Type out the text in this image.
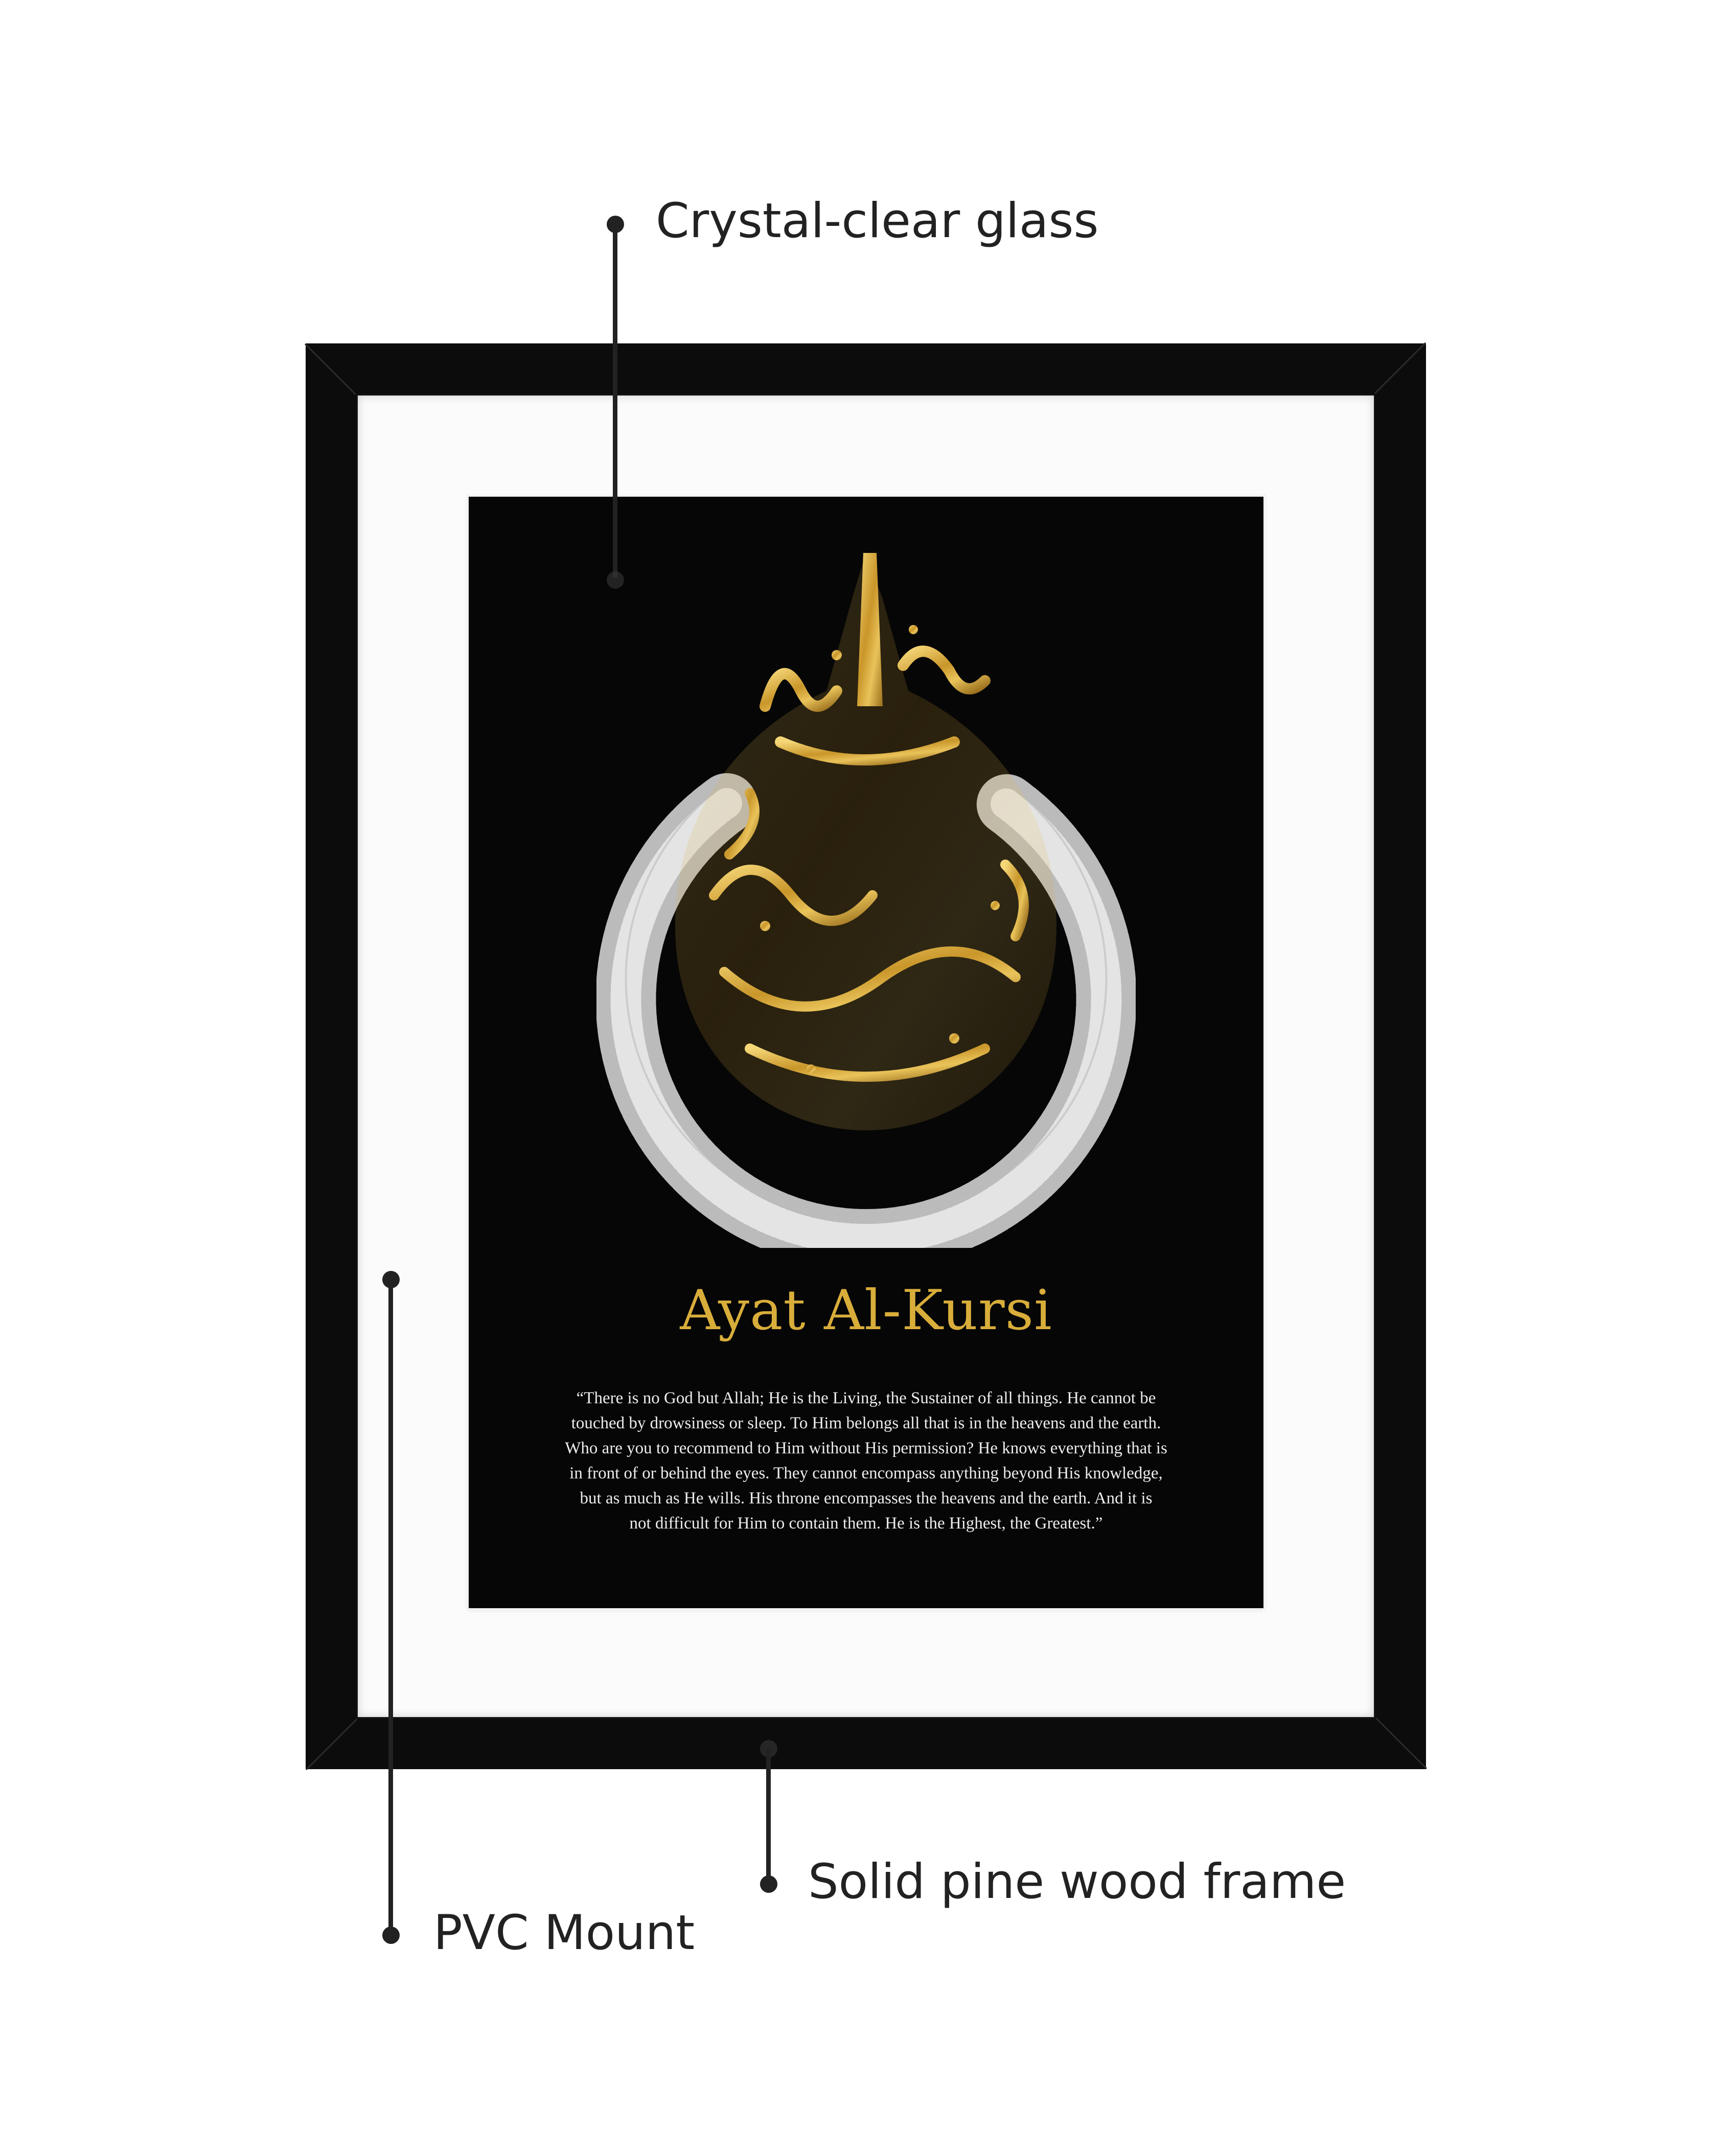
Ayat Al-Kursi
“There is no God but Allah; He is the Living, the Sustainer of all things. He cannot be
touched by drowsiness or sleep. To Him belongs all that is in the heavens and the earth.
Who are you to recommend to Him without His permission? He knows everything that is
in front of or behind the eyes. They cannot encompass anything beyond His knowledge,
but as much as He wills. His throne encompasses the heavens and the earth. And it is
not difficult for Him to contain them. He is the Highest, the Greatest.”
Crystal-clear glass
PVC Mount
Solid pine wood frame
